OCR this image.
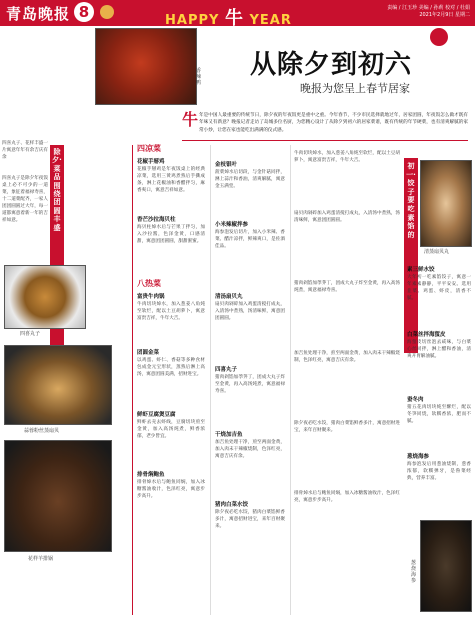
青岛晚报 8	HAPPY 牛 YEAR
责编 / 江玉珍 美编 / 孙莉 校对 / 杜娟
2021年2月9日 星期二
香辣鸭
从除夕到初六
晚报为您呈上春节居家
牛 年是中国人最重要的传统节日，除夕夜的年夜饭更是重中之重。今年春节，不少市民选择就地过年，居家团圆，年夜饭怎么做才既有年味又有新意？晚报记者走访了岛城多位名厨，为您精心设计了从除夕到初六的居家菜谱，既有传统的年节硬菜，也有清爽解腻的家常小炒，让您在家也能吃出满满的仪式感。
除夕·菜品围绕团圆丰盛
四喜丸子、花样丰盛一片寓意年年有余吉庆有余
四喜丸子是除夕年夜饭桌上必不可少的一道菜，象征着福禄寿喜，十二道菜配齐，一家人团团圆圆过大年，每一道都寓意着新一年的吉祥如意。
四喜丸子
蒜蓉粉丝蒸扇贝
花样羊排锅
四凉菜
花椒手掰鸡
花椒手掰鸡是年夜饭桌上的经典凉菜，选用三黄鸡煮熟后手撕成条，淋上花椒油和香醋拌匀，麻香爽口，寓意吉祥如意。
香芒沙拉海贝柱
海贝柱焯水后与芒果丁拌匀，加入沙拉酱，色泽金黄，口感清甜，寓意团团圆圆，甜甜蜜蜜。
八热菜
富贵牛肉锅
牛肉切块焯水，加入葱姜八角炖至软烂，配以土豆胡萝卜，寓意富贵吉祥，牛年大吉。
团圆金菜
以鸡蛋、虾仁、香菇等多种食材包成金元宝形状，蒸熟后淋上高汤，寓意团圆美满，招财进宝。
鲜虾豆腐煲豆腐
鲜虾去壳去虾线，豆腐切块煎至金黄，加入高汤炖煮，鲜香浓郁，老少皆宜。
排骨焖鲍鱼
排骨焯水后与鲍鱼同焖，加入冰糖酱油收汁，色泽红亮，寓意步步高升。
金枝银叶
菠菜焯水后切段，与金针菇同拌，淋上蒜汁和香油，清爽解腻，寓意金玉满堂。
小米辣椒拌参
海参泡发后切片，加入小米辣、香菜、醋汁凉拌，鲜辣爽口，是佐酒佳品。
清汤扇贝丸
扇贝肉剁碎加入鸡蛋清搅打成丸，入清汤中煮熟，汤清味鲜，寓意团团圆圆。
四喜丸子
猪肉剁馅加荸荠丁，团成大丸子炸至金黄，再入高汤炖煮，寓意福禄寿喜。
干烧加吉鱼
加吉鱼处理干净，煎至两面金黄，加入肉末干辣椒烧制，色泽红亮，寓意吉庆有余。
猪肉白菜水饺
除夕夜必吃水饺，猪肉白菜馅鲜香多汁，寓意招财进宝，来年百财聚来。
牛肉切块焯水，加入葱姜八角炖至软烂，配以土豆胡萝卜，寓意富贵吉祥，牛年大吉。
扇贝肉剁碎加入鸡蛋清搅打成丸，入清汤中煮熟，汤清味鲜，寓意团团圆圆。
猪肉剁馅加荸荠丁，团成大丸子炸至金黄，再入高汤炖煮，寓意福禄寿喜。
加吉鱼处理干净，煎至两面金黄，加入肉末干辣椒烧制，色泽红亮，寓意吉庆有余。
除夕夜必吃水饺，猪肉白菜馅鲜香多汁，寓意招财进宝，来年百财聚来。
排骨焯水后与鲍鱼同焖，加入冰糖酱油收汁，色泽红亮，寓意步步高升。
初一·饺子要吃素馅的
清蒸扇贝丸
素三鲜水饺
大年初一吃素馅饺子，寓意一年素素静静，平平安安。选用韭菜、鸡蛋、虾皮，清香不腻。
白菜丝拌海蜇皮
海蜇皮切丝泡去咸味，与白菜心丝同拌，淋上醋和香油，清爽开胃解油腻。
蚕冬肉
猪五花肉切块炖至酥烂，配以冬笋同烧，软糯香浓，肥而不腻。
葱烧海参
海参泡发后用葱油烧制，葱香浓郁，软糯弹牙，是鲁菜经典，营养丰富。
葱烧海参
